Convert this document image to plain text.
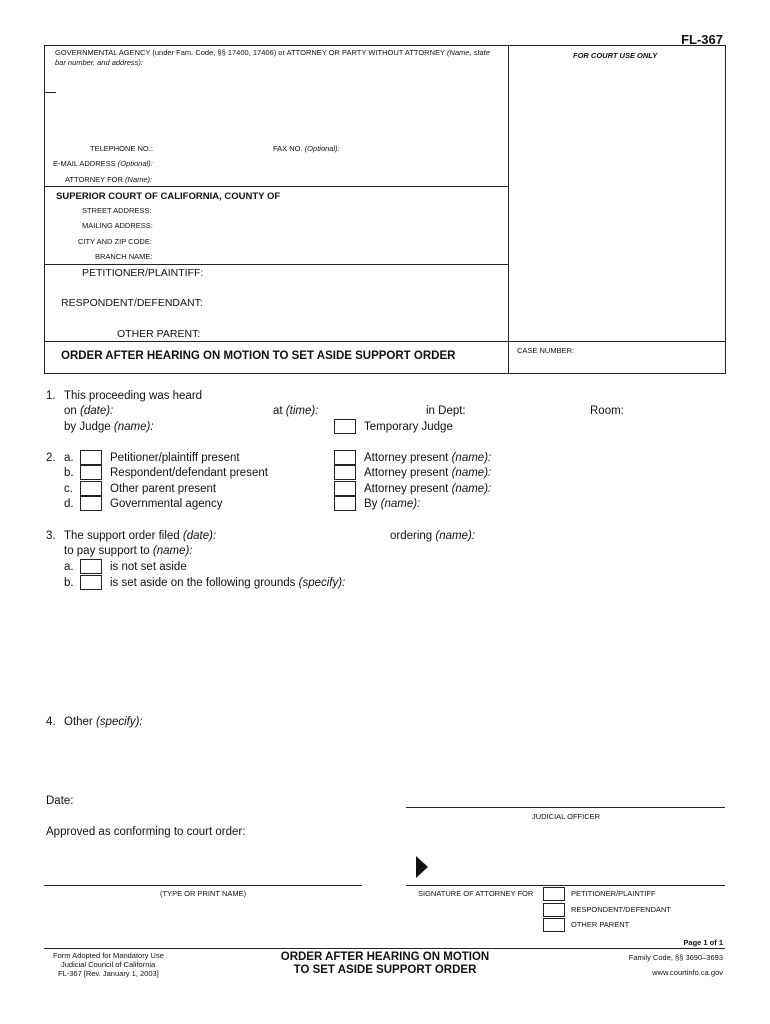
FL-367
GOVERNMENTAL AGENCY (under Fam. Code, §§ 17400, 17406) or ATTORNEY OR PARTY WITHOUT ATTORNEY (Name, state
bar number, and address):
FOR COURT USE ONLY
TELEPHONE NO.:	FAX NO. (Optional):
E-MAIL ADDRESS (Optional):
ATTORNEY FOR (Name):
SUPERIOR COURT OF CALIFORNIA, COUNTY OF
STREET ADDRESS:
MAILING ADDRESS:
CITY AND ZIP CODE:
BRANCH NAME:
PETITIONER/PLAINTIFF:
RESPONDENT/DEFENDANT:
OTHER PARENT:
ORDER AFTER HEARING ON MOTION TO SET ASIDE SUPPORT ORDER	CASE NUMBER:
1. This proceeding was heard
on (date):	at (time):	in Dept:	Room:
by Judge (name):	Temporary Judge
2. a.	Petitioner/plaintiff present	Attorney present (name):
b.	Respondent/defendant present	Attorney present (name):
c.	Other parent present	Attorney present (name):
d.	Governmental agency	By (name):
3. The support order filed (date):	ordering (name):
to pay support to (name):
a.	is not set aside
b.	is set aside on the following grounds (specify):
4. Other (specify):
Date:
JUDICIAL OFFICER
Approved as conforming to court order:
(TYPE OR PRINT NAME)	SIGNATURE OF ATTORNEY FOR	PETITIONER/PLAINTIFF
RESPONDENT/DEFENDANT
OTHER PARENT
Page 1 of 1
Form Adopted for Mandatory Use
Judicial Council of California
FL-367 [Rev. January 1, 2003]
ORDER AFTER HEARING ON MOTION
TO SET ASIDE SUPPORT ORDER
Family Code, §§ 3690–3693
www.courtinfo.ca.gov
